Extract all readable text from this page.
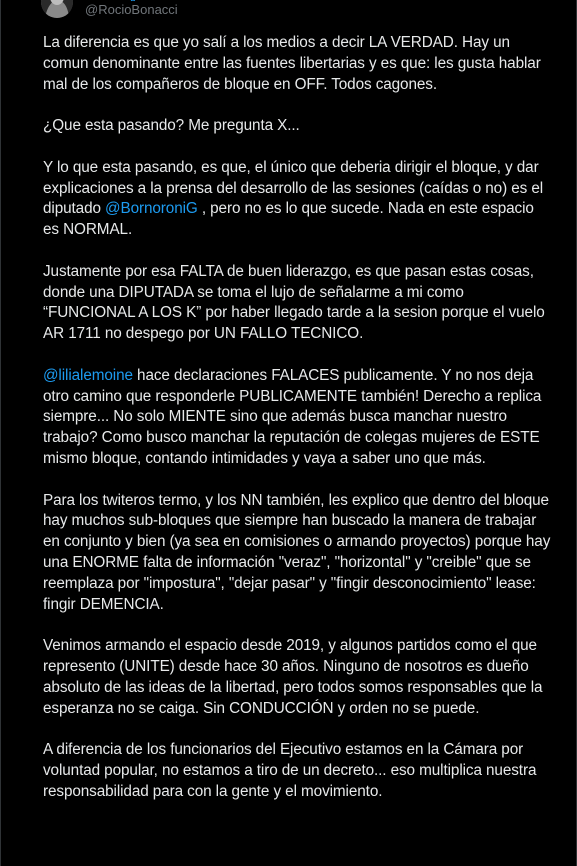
@RocioBonacci

La diferencia es que yo salí a los medios a decir LA VERDAD. Hay un comun denominante entre las fuentes libertarias y es que: les gusta hablar mal de los compañeros de bloque en OFF. Todos cagones.

¿Que esta pasando? Me pregunta X...

Y lo que esta pasando, es que, el único que deberia dirigir el bloque, y dar explicaciones a la prensa del desarrollo de las sesiones (caídas o no) es el diputado @BornoroniG , pero no es lo que sucede. Nada en este espacio es NORMAL.

Justamente por esa FALTA de buen liderazgo, es que pasan estas cosas, donde una DIPUTADA se toma el lujo de señalarme a mi como “FUNCIONAL A LOS K” por haber llegado tarde a la sesion porque el vuelo AR 1711 no despego por UN FALLO TECNICO.

@lilialemoine hace declaraciones FALACES publicamente. Y no nos deja otro camino que responderle PUBLICAMENTE también! Derecho a replica siempre... No solo MIENTE sino que además busca manchar nuestro trabajo? Como busco manchar la reputación de colegas mujeres de ESTE mismo bloque, contando intimidades y vaya a saber uno que más.

Para los twiteros termo, y los NN también, les explico que dentro del bloque hay muchos sub-bloques que siempre han buscado la manera de trabajar en conjunto y bien (ya sea en comisiones o armando proyectos) porque hay una ENORME falta de información "veraz", "horizontal" y "creible" que se reemplaza por "impostura", "dejar pasar" y "fingir desconocimiento" lease: fingir DEMENCIA.

Venimos armando el espacio desde 2019, y algunos partidos como el que represento (UNITE) desde hace 30 años. Ninguno de nosotros es dueño absoluto de las ideas de la libertad, pero todos somos responsables que la esperanza no se caiga. Sin CONDUCCIÓN y orden no se puede.

A diferencia de los funcionarios del Ejecutivo estamos en la Cámara por voluntad popular, no estamos a tiro de un decreto... eso multiplica nuestra responsabilidad para con la gente y el movimiento.
